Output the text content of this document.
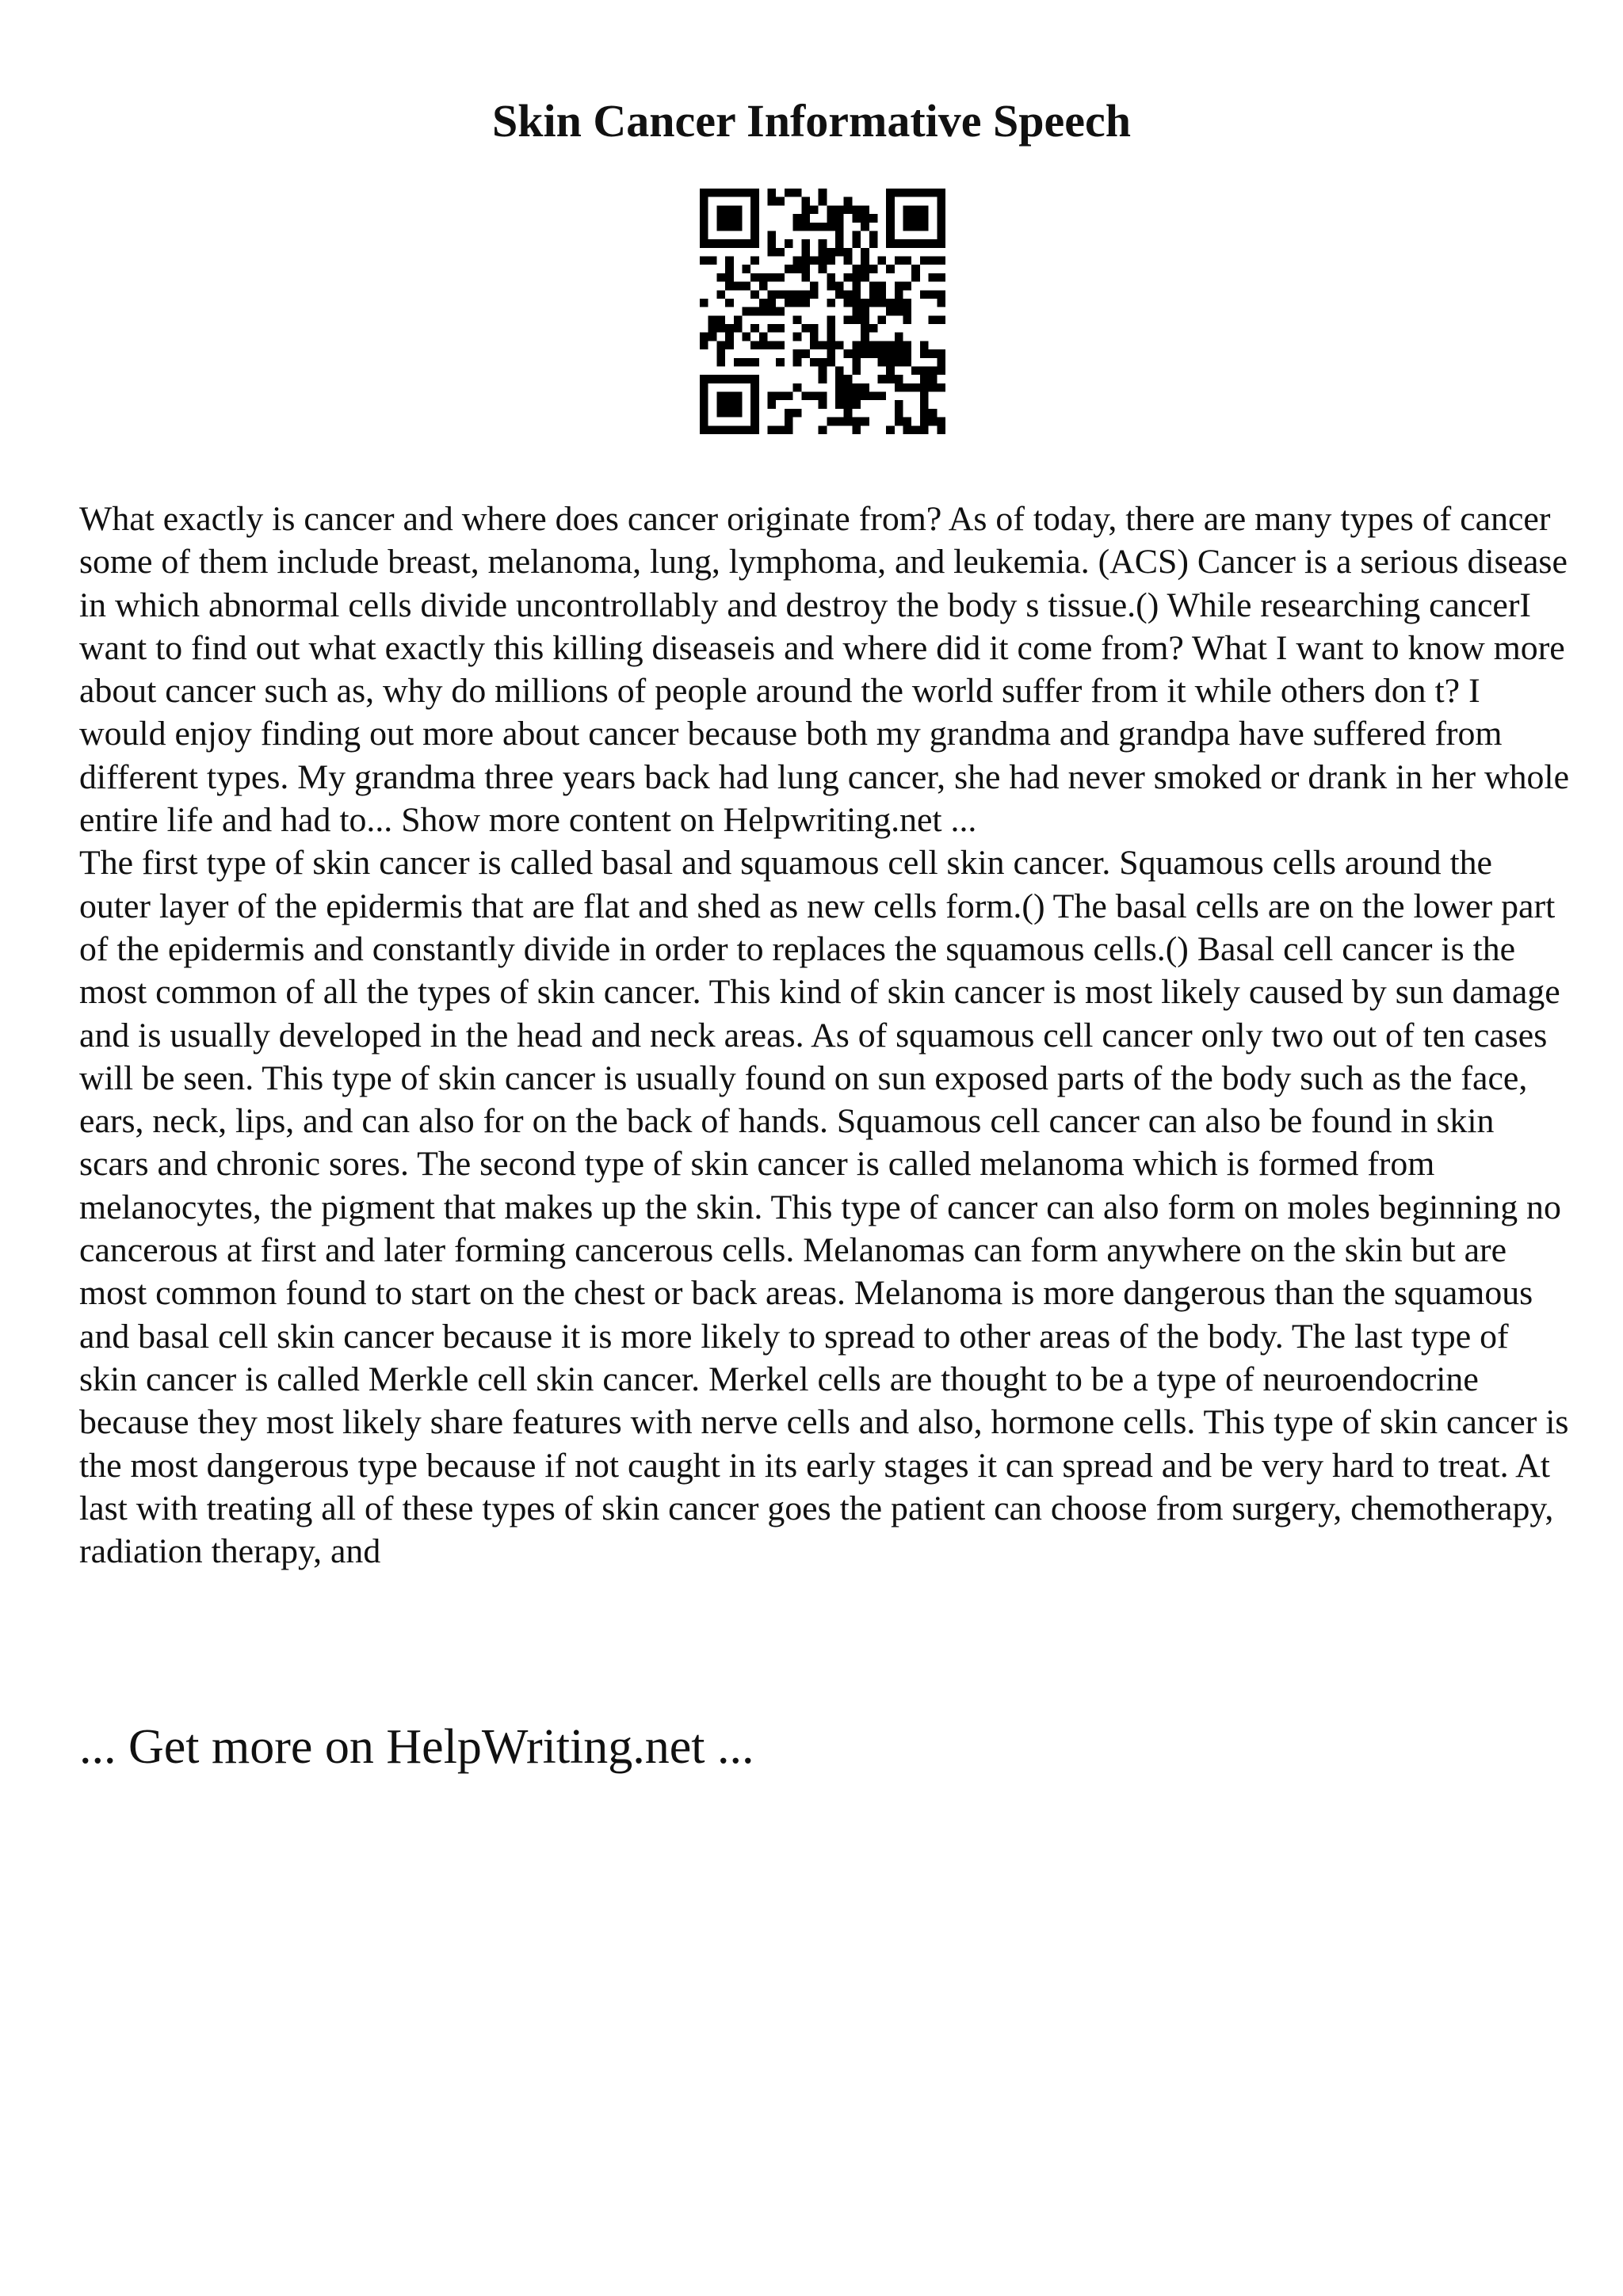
Skin Cancer Informative Speech

What exactly is cancer and where does cancer originate from? As of today, there are many types of cancer some of them include breast, melanoma, lung, lymphoma, and leukemia. (ACS) Cancer is a serious disease in which abnormal cells divide uncontrollably and destroy the body s tissue.() While researching cancerI want to find out what exactly this killing diseaseis and where did it come from? What I want to know more about cancer such as, why do millions of people around the world suffer from it while others don t? I would enjoy finding out more about cancer because both my grandma and grandpa have suffered from different types. My grandma three years back had lung cancer, she had never smoked or drank in her whole entire life and had to... Show more content on Helpwriting.net ...

The first type of skin cancer is called basal and squamous cell skin cancer. Squamous cells around the outer layer of the epidermis that are flat and shed as new cells form.() The basal cells are on the lower part of the epidermis and constantly divide in order to replaces the squamous cells.() Basal cell cancer is the most common of all the types of skin cancer. This kind of skin cancer is most likely caused by sun damage and is usually developed in the head and neck areas. As of squamous cell cancer only two out of ten cases will be seen. This type of skin cancer is usually found on sun exposed parts of the body such as the face, ears, neck, lips, and can also for on the back of hands. Squamous cell cancer can also be found in skin scars and chronic sores. The second type of skin cancer is called melanoma which is formed from melanocytes, the pigment that makes up the skin. This type of cancer can also form on moles beginning no cancerous at first and later forming cancerous cells. Melanomas can form anywhere on the skin but are most common found to start on the chest or back areas. Melanoma is more dangerous than the squamous and basal cell skin cancer because it is more likely to spread to other areas of the body. The last type of skin cancer is called Merkle cell skin cancer. Merkel cells are thought to be a type of neuroendocrine because they most likely share features with nerve cells and also, hormone cells. This type of skin cancer is the most dangerous type because if not caught in its early stages it can spread and be very hard to treat. At last with treating all of these types of skin cancer goes the patient can choose from surgery, chemotherapy, radiation therapy, and

... Get more on HelpWriting.net ...
